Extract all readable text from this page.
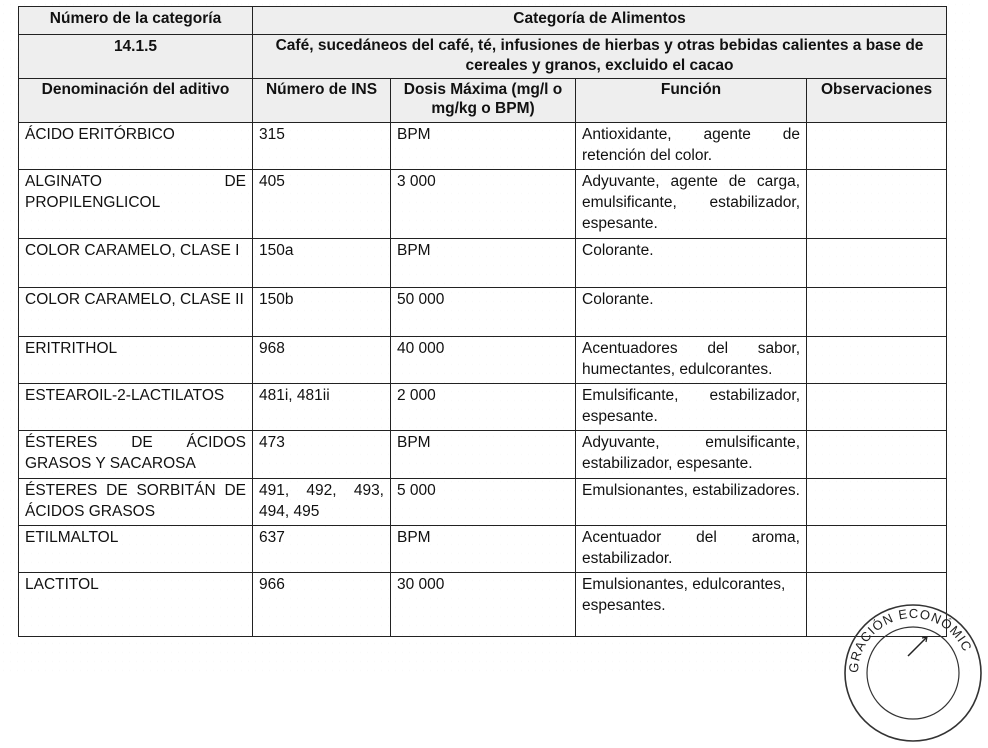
Número de la categoría	Categoría de Alimentos			
14.1.5	Café, sucedáneos del café, té, infusiones de hierbas y otras bebidas calientes a base de cereales y granos, excluido el cacao			
Denominación del aditivo	Número de INS	Dosis Máxima (mg/l o mg/kg o BPM)	Función	Observaciones
ÁCIDO ERITÓRBICO	315	BPM	Antioxidante, agente de retención del color.	
ALGINATO DE PROPILENGLICOL	405	3 000	Adyuvante, agente de carga, emulsificante, estabilizador, espesante.	
COLOR CARAMELO, CLASE I	150a	BPM	Colorante.	
COLOR CARAMELO, CLASE II	150b	50 000	Colorante.	
ERITRITHOL	968	40 000	Acentuadores del sabor, humectantes, edulcorantes.	
ESTEAROIL-2-LACTILATOS	481i, 481ii	2 000	Emulsificante, estabilizador, espesante.	
ÉSTERES DE ÁCIDOS GRASOS Y SACAROSA	473	BPM	Adyuvante, emulsificante, estabilizador, espesante.	
ÉSTERES DE SORBITÁN DE ÁCIDOS GRASOS	491, 492, 493, 494, 495	5 000	Emulsionantes, estabilizadores.	
ETILMALTOL	637	BPM	Acentuador del aroma, estabilizador.	
LACTITOL	966	30 000	Emulsionantes, edulcorantes, espesantes.	
GRACIÓN ECONÓMIC
